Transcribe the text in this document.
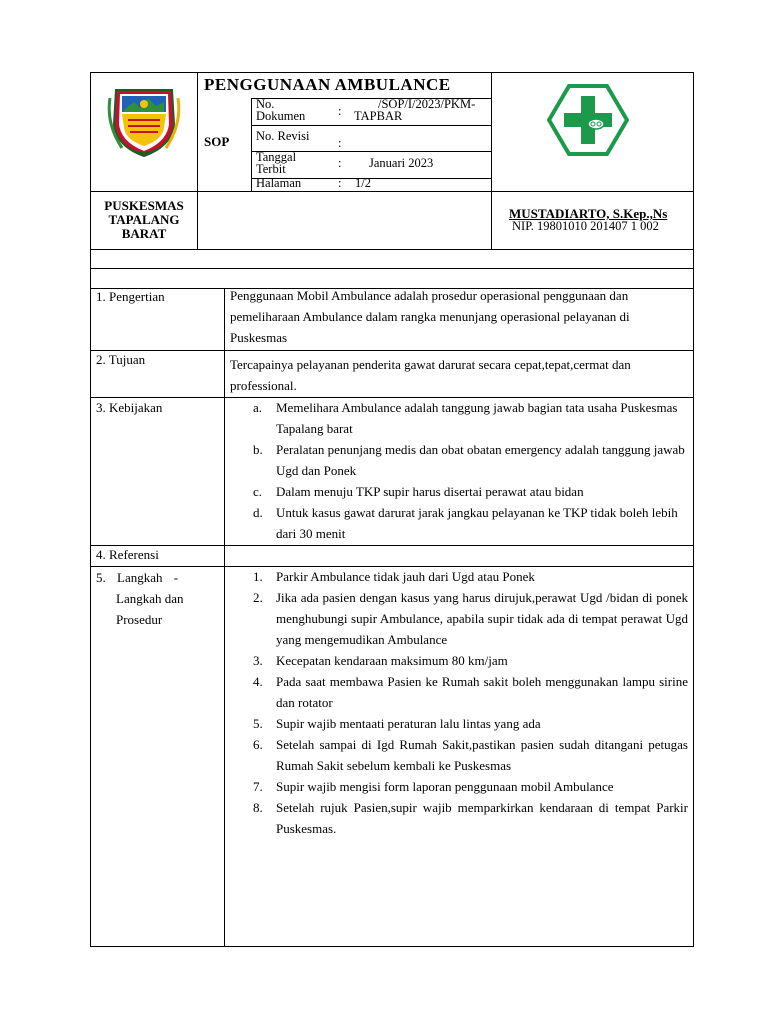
PENGGUNAAN AMBULANCE
SOP
No.
Dokumen	:	/SOP/I/2023/PKM-
TAPBAR
No. Revisi :
Tanggal
Terbit	: Januari 2023
Halaman	: 1/2
PUSKESMAS TAPALANG BARAT
MUSTADIARTO, S.Kep.,Ns
NIP. 19801010 201407 1 002
1. Pengertian	Penggunaan Mobil Ambulance adalah prosedur operasional penggunaan dan pemeliharaan Ambulance dalam rangka menunjang operasional pelayanan di Puskesmas
2. Tujuan	Tercapainya pelayanan penderita gawat darurat secara cepat,tepat,cermat dan professional.
3. Kebijakan	a. Memelihara Ambulance adalah tanggung jawab bagian tata usaha Puskesmas Tapalang barat
b. Peralatan penunjang medis dan obat obatan emergency adalah tanggung jawab Ugd dan Ponek
c. Dalam menuju TKP supir harus disertai perawat atau bidan
d. Untuk kasus gawat darurat jarak jangkau pelayanan ke TKP tidak boleh lebih dari 30 menit
4. Referensi
5. Langkah -
Langkah dan
Prosedur
1. Parkir Ambulance tidak jauh dari Ugd atau Ponek
2. Jika ada pasien dengan kasus yang harus dirujuk,perawat Ugd /bidan di ponek menghubungi supir Ambulance, apabila supir tidak ada di tempat perawat Ugd yang mengemudikan Ambulance
3. Kecepatan kendaraan maksimum 80 km/jam
4. Pada saat membawa Pasien ke Rumah sakit boleh menggunakan lampu sirine dan rotator
5. Supir wajib mentaati peraturan lalu lintas yang ada
6. Setelah sampai di Igd Rumah Sakit,pastikan pasien sudah ditangani petugas Rumah Sakit sebelum kembali ke Puskesmas
7. Supir wajib mengisi form laporan penggunaan mobil Ambulance
8. Setelah rujuk Pasien,supir wajib memparkirkan kendaraan di tempat Parkir Puskesmas.
